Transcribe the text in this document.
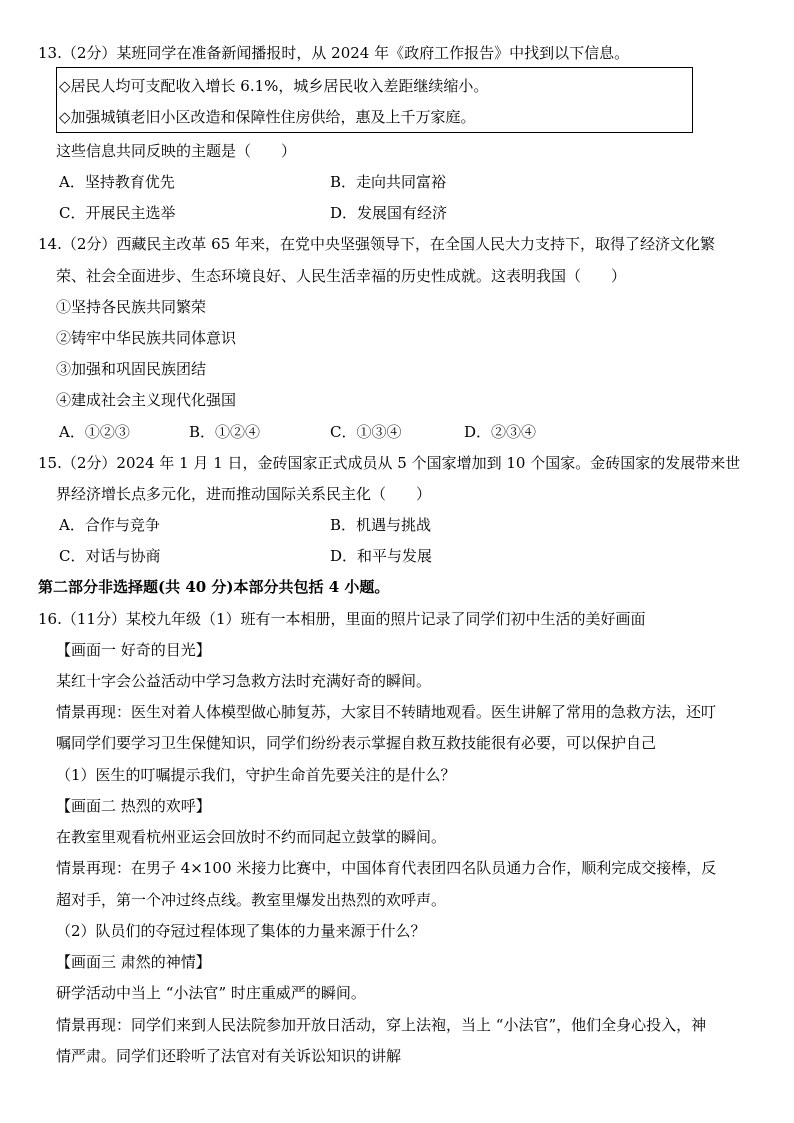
13.（2分）某班同学在准备新闻播报时，从 2024 年《政府工作报告》中找到以下信息。
◇居民人均可支配收入增长 6.1%，城乡居民收入差距继续缩小。
◇加强城镇老旧小区改造和保障性住房供给，惠及上千万家庭。
这些信息共同反映的主题是（　　）
A．坚持教育优先	B．走向共同富裕
C．开展民主选举	D．发展国有经济
14.（2分）西藏民主改革 65 年来，在党中央坚强领导下，在全国人民大力支持下，取得了经济文化繁
荣、社会全面进步、生态环境良好、人民生活幸福的历史性成就。这表明我国（　　）
①坚持各民族共同繁荣
②铸牢中华民族共同体意识
③加强和巩固民族团结
④建成社会主义现代化强国
A．①②③	B．①②④	C．①③④	D．②③④
15.（2分）2024 年 1 月 1 日，金砖国家正式成员从 5 个国家增加到 10 个国家。金砖国家的发展带来世
界经济增长点多元化，进而推动国际关系民主化（　　）
A．合作与竞争	B．机遇与挑战
C．对话与协商	D．和平与发展
第二部分非选择题(共 40 分)本部分共包括 4 小题。
16.（11分）某校九年级（1）班有一本相册，里面的照片记录了同学们初中生活的美好画面
【画面一 好奇的目光】
某红十字会公益活动中学习急救方法时充满好奇的瞬间。
情景再现：医生对着人体模型做心肺复苏，大家目不转睛地观看。医生讲解了常用的急救方法，还叮
嘱同学们要学习卫生保健知识，同学们纷纷表示掌握自救互救技能很有必要，可以保护自己
（1）医生的叮嘱提示我们，守护生命首先要关注的是什么？
【画面二 热烈的欢呼】
在教室里观看杭州亚运会回放时不约而同起立鼓掌的瞬间。
情景再现：在男子 4×100 米接力比赛中，中国体育代表团四名队员通力合作，顺利完成交接棒，反
超对手，第一个冲过终点线。教室里爆发出热烈的欢呼声。
（2）队员们的夺冠过程体现了集体的力量来源于什么？
【画面三 肃然的神情】
研学活动中当上 “小法官” 时庄重威严的瞬间。
情景再现：同学们来到人民法院参加开放日活动，穿上法袍，当上 “小法官”，他们全身心投入，神
情严肃。同学们还聆听了法官对有关诉讼知识的讲解
